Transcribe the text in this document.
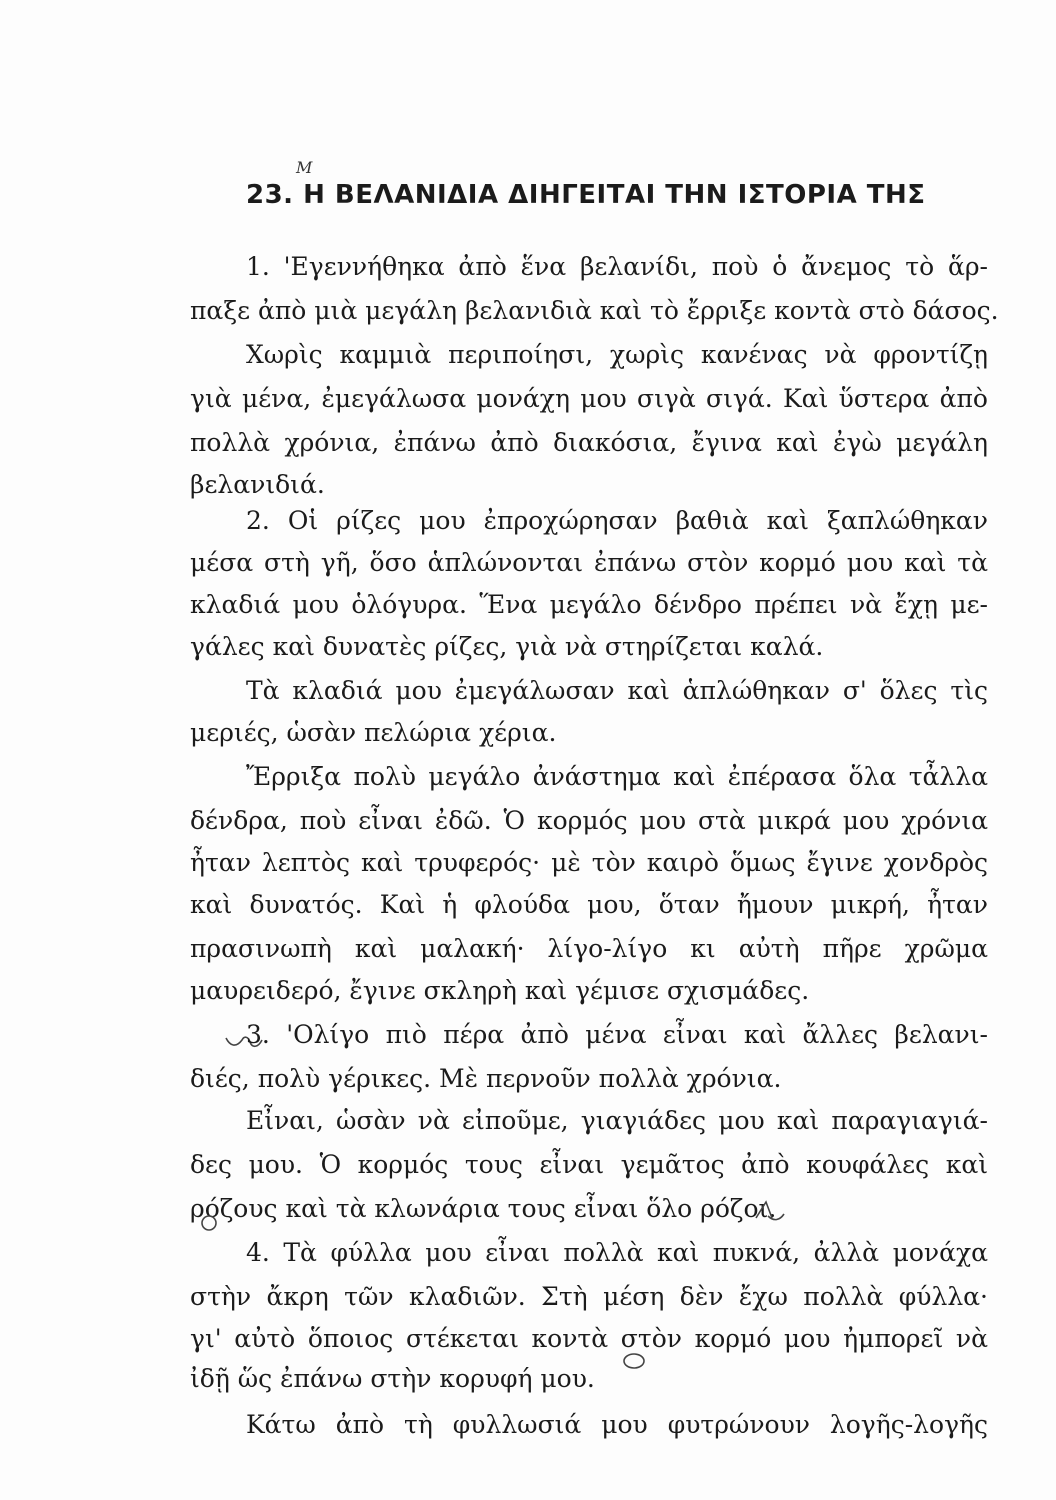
M
23. Η ΒΕΛΑΝΙΔΙΑ ΔΙΗΓΕΙΤΑΙ ΤΗΝ ΙΣΤΟΡΙΑ ΤΗΣ
1. 'Εγεννήθηκα ἀπὸ ἕνα βελανίδι, ποὺ ὁ ἄνεμος τὸ ἅρ-
παξε ἀπὸ μιὰ μεγάλη βελανιδιὰ καὶ τὸ ἔρριξε κοντὰ στὸ δάσος.
Χωρὶς καμμιὰ περιποίησι, χωρὶς κανένας νὰ φροντίζῃ
γιὰ μένα, ἐμεγάλωσα μονάχη μου σιγὰ σιγά. Καὶ ὕστερα ἀπὸ
πολλὰ χρόνια, ἐπάνω ἀπὸ διακόσια, ἔγινα καὶ ἐγὼ μεγάλη
βελανιδιά.
2. Οἱ ρίζες μου ἐπροχώρησαν βαθιὰ καὶ ξαπλώθηκαν
μέσα στὴ γῆ, ὅσο ἁπλώνονται ἐπάνω στὸν κορμό μου καὶ τὰ
κλαδιά μου ὁλόγυρα. Ἕνα μεγάλο δένδρο πρέπει νὰ ἔχῃ με-
γάλες καὶ δυνατὲς ρίζες, γιὰ νὰ στηρίζεται καλά.
Τὰ κλαδιά μου ἐμεγάλωσαν καὶ ἁπλώθηκαν σ' ὅλες τὶς
μεριές, ὡσὰν πελώρια χέρια.
Ἔρριξα πολὺ μεγάλο ἀνάστημα καὶ ἐπέρασα ὅλα τἆλλα
δένδρα, ποὺ εἶναι ἐδῶ. Ὁ κορμός μου στὰ μικρά μου χρόνια
ἦταν λεπτὸς καὶ τρυφερός· μὲ τὸν καιρὸ ὅμως ἔγινε χονδρὸς
καὶ δυνατός. Καὶ ἡ φλούδα μου, ὅταν ἤμουν μικρή, ἦταν
πρασινωπὴ καὶ μαλακή· λίγο-λίγο κι αὐτὴ πῆρε χρῶμα
μαυρειδερό, ἔγινε σκληρὴ καὶ γέμισε σχισμάδες.
3. 'Ολίγο πιὸ πέρα ἀπὸ μένα εἶναι καὶ ἄλλες βελανι-
διές, πολὺ γέρικες. Μὲ περνοῦν πολλὰ χρόνια.
Εἶναι, ὡσὰν νὰ εἰποῦμε, γιαγιάδες μου καὶ παραγιαγιά-
δες μου. Ὁ κορμός τους εἶναι γεμᾶτος ἀπὸ κουφάλες καὶ
ρόζους καὶ τὰ κλωνάρια τους εἶναι ὅλο ρόζοι.
4. Τὰ φύλλα μου εἶναι πολλὰ καὶ πυκνά, ἀλλὰ μονάχα
στὴν ἄκρη τῶν κλαδιῶν. Στὴ μέση δὲν ἔχω πολλὰ φύλλα·
γι' αὐτὸ ὅποιος στέκεται κοντὰ στὸν κορμό μου ἠμπορεῖ νὰ
ἰδῇ ὥς ἐπάνω στὴν κορυφή μου.
Κάτω ἀπὸ τὴ φυλλωσιά μου φυτρώνουν λογῆς-λογῆς
